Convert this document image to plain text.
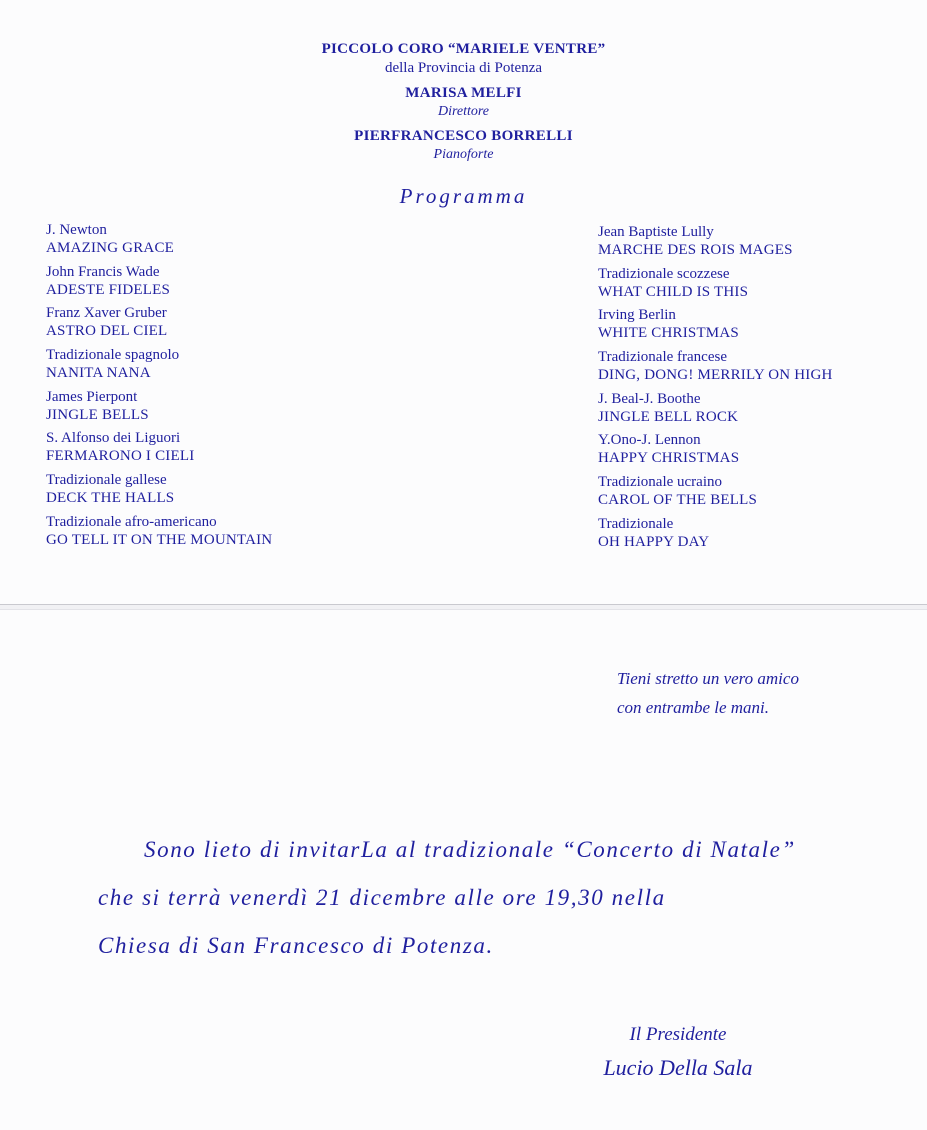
PICCOLO CORO “MARIELE VENTRE”
della Provincia di Potenza
MARISA MELFI
Direttore
PIERFRANCESCO BORRELLI
Pianoforte
Programma
J. Newton
AMAZING GRACE
John Francis Wade
ADESTE FIDELES
Franz Xaver Gruber
ASTRO DEL CIEL
Tradizionale spagnolo
NANITA NANA
James Pierpont
JINGLE BELLS
S. Alfonso dei Liguori
FERMARONO I CIELI
Tradizionale gallese
DECK THE HALLS
Tradizionale afro-americano
GO TELL IT ON THE MOUNTAIN
Jean Baptiste Lully
MARCHE DES ROIS MAGES
Tradizionale scozzese
WHAT CHILD IS THIS
Irving Berlin
WHITE CHRISTMAS
Tradizionale francese
DING, DONG! MERRILY ON HIGH
J. Beal-J. Boothe
JINGLE BELL ROCK
Y.Ono-J. Lennon
HAPPY CHRISTMAS
Tradizionale ucraino
CAROL OF THE BELLS
Tradizionale
OH HAPPY DAY
Tieni stretto un vero amico
con entrambe le mani.
Sono lieto di invitarLa al tradizionale “Concerto di Natale”
che si terrà venerdì 21 dicembre alle ore 19,30 nella
Chiesa di San Francesco di Potenza.
Il Presidente
Lucio Della Sala
